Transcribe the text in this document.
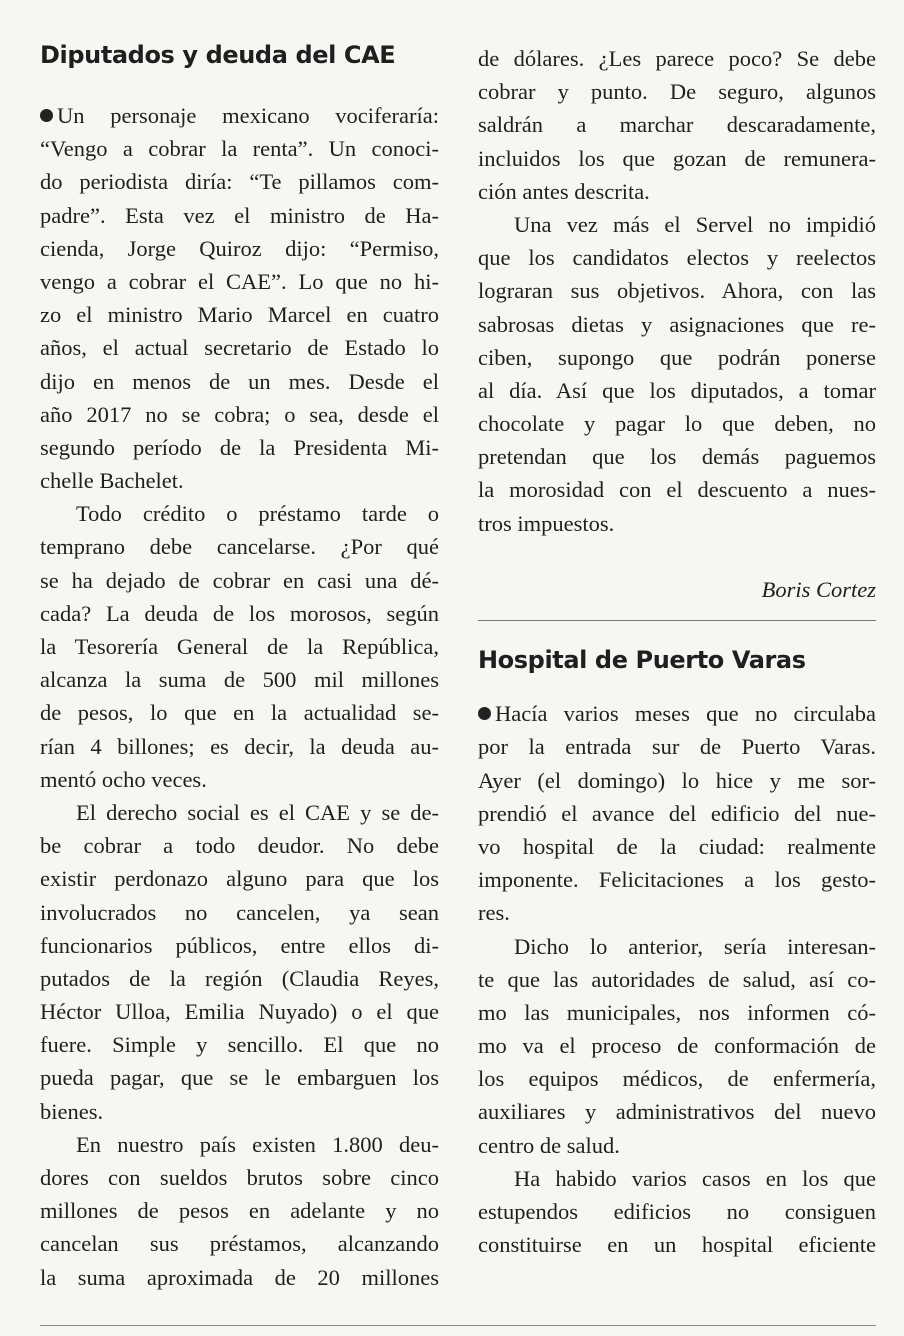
Diputados y deuda del CAE
Un personaje mexicano vociferaría:
“Vengo a cobrar la renta”. Un conoci-
do periodista diría: “Te pillamos com-
padre”. Esta vez el ministro de Ha-
cienda, Jorge Quiroz dijo: “Permiso,
vengo a cobrar el CAE”. Lo que no hi-
zo el ministro Mario Marcel en cuatro
años, el actual secretario de Estado lo
dijo en menos de un mes. Desde el
año 2017 no se cobra; o sea, desde el
segundo período de la Presidenta Mi-
chelle Bachelet.
Todo crédito o préstamo tarde o
temprano debe cancelarse. ¿Por qué
se ha dejado de cobrar en casi una dé-
cada? La deuda de los morosos, según
la Tesorería General de la República,
alcanza la suma de 500 mil millones
de pesos, lo que en la actualidad se-
rían 4 billones; es decir, la deuda au-
mentó ocho veces.
El derecho social es el CAE y se de-
be cobrar a todo deudor. No debe
existir perdonazo alguno para que los
involucrados no cancelen, ya sean
funcionarios públicos, entre ellos di-
putados de la región (Claudia Reyes,
Héctor Ulloa, Emilia Nuyado) o el que
fuere. Simple y sencillo. El que no
pueda pagar, que se le embarguen los
bienes.
En nuestro país existen 1.800 deu-
dores con sueldos brutos sobre cinco
millones de pesos en adelante y no
cancelan sus préstamos, alcanzando
la suma aproximada de 20 millones
de dólares. ¿Les parece poco? Se debe
cobrar y punto. De seguro, algunos
saldrán a marchar descaradamente,
incluidos los que gozan de remunera-
ción antes descrita.
Una vez más el Servel no impidió
que los candidatos electos y reelectos
lograran sus objetivos. Ahora, con las
sabrosas dietas y asignaciones que re-
ciben, supongo que podrán ponerse
al día. Así que los diputados, a tomar
chocolate y pagar lo que deben, no
pretendan que los demás paguemos
la morosidad con el descuento a nues-
tros impuestos.
Boris Cortez
Hospital de Puerto Varas
Hacía varios meses que no circulaba
por la entrada sur de Puerto Varas.
Ayer (el domingo) lo hice y me sor-
prendió el avance del edificio del nue-
vo hospital de la ciudad: realmente
imponente. Felicitaciones a los gesto-
res.
Dicho lo anterior, sería interesan-
te que las autoridades de salud, así co-
mo las municipales, nos informen có-
mo va el proceso de conformación de
los equipos médicos, de enfermería,
auxiliares y administrativos del nuevo
centro de salud.
Ha habido varios casos en los que
estupendos edificios no consiguen
constituirse en un hospital eficiente
